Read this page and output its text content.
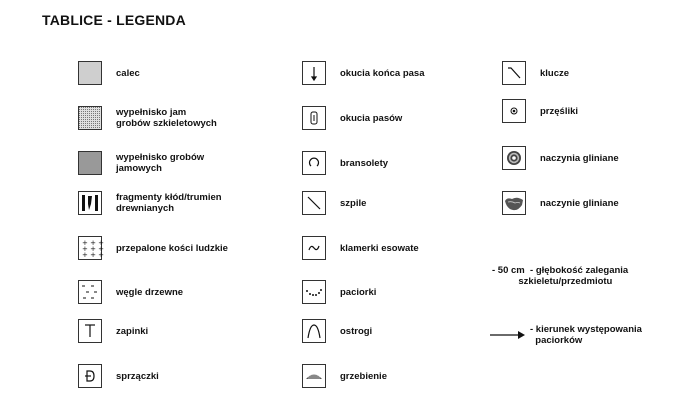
TABLICE - LEGENDA
calec
wypełnisko jam
grobów szkieletowych
wypełnisko grobów
jamowych
fragmenty kłód/trumien
drewnianych
+ + +
+ + +
+ + +
przepalone kości ludzkie
węgle drzewne
zapinki
sprzączki
okucia końca pasa
okucia pasów
bransolety
szpile
klamerki esowate
paciorki
ostrogi
grzebienie
klucze
przęśliki
naczynia gliniane
naczynie gliniane
- 50 cm  - głębokość zalegania
szkieletu/przedmiotu
- kierunek występowania
paciorków
